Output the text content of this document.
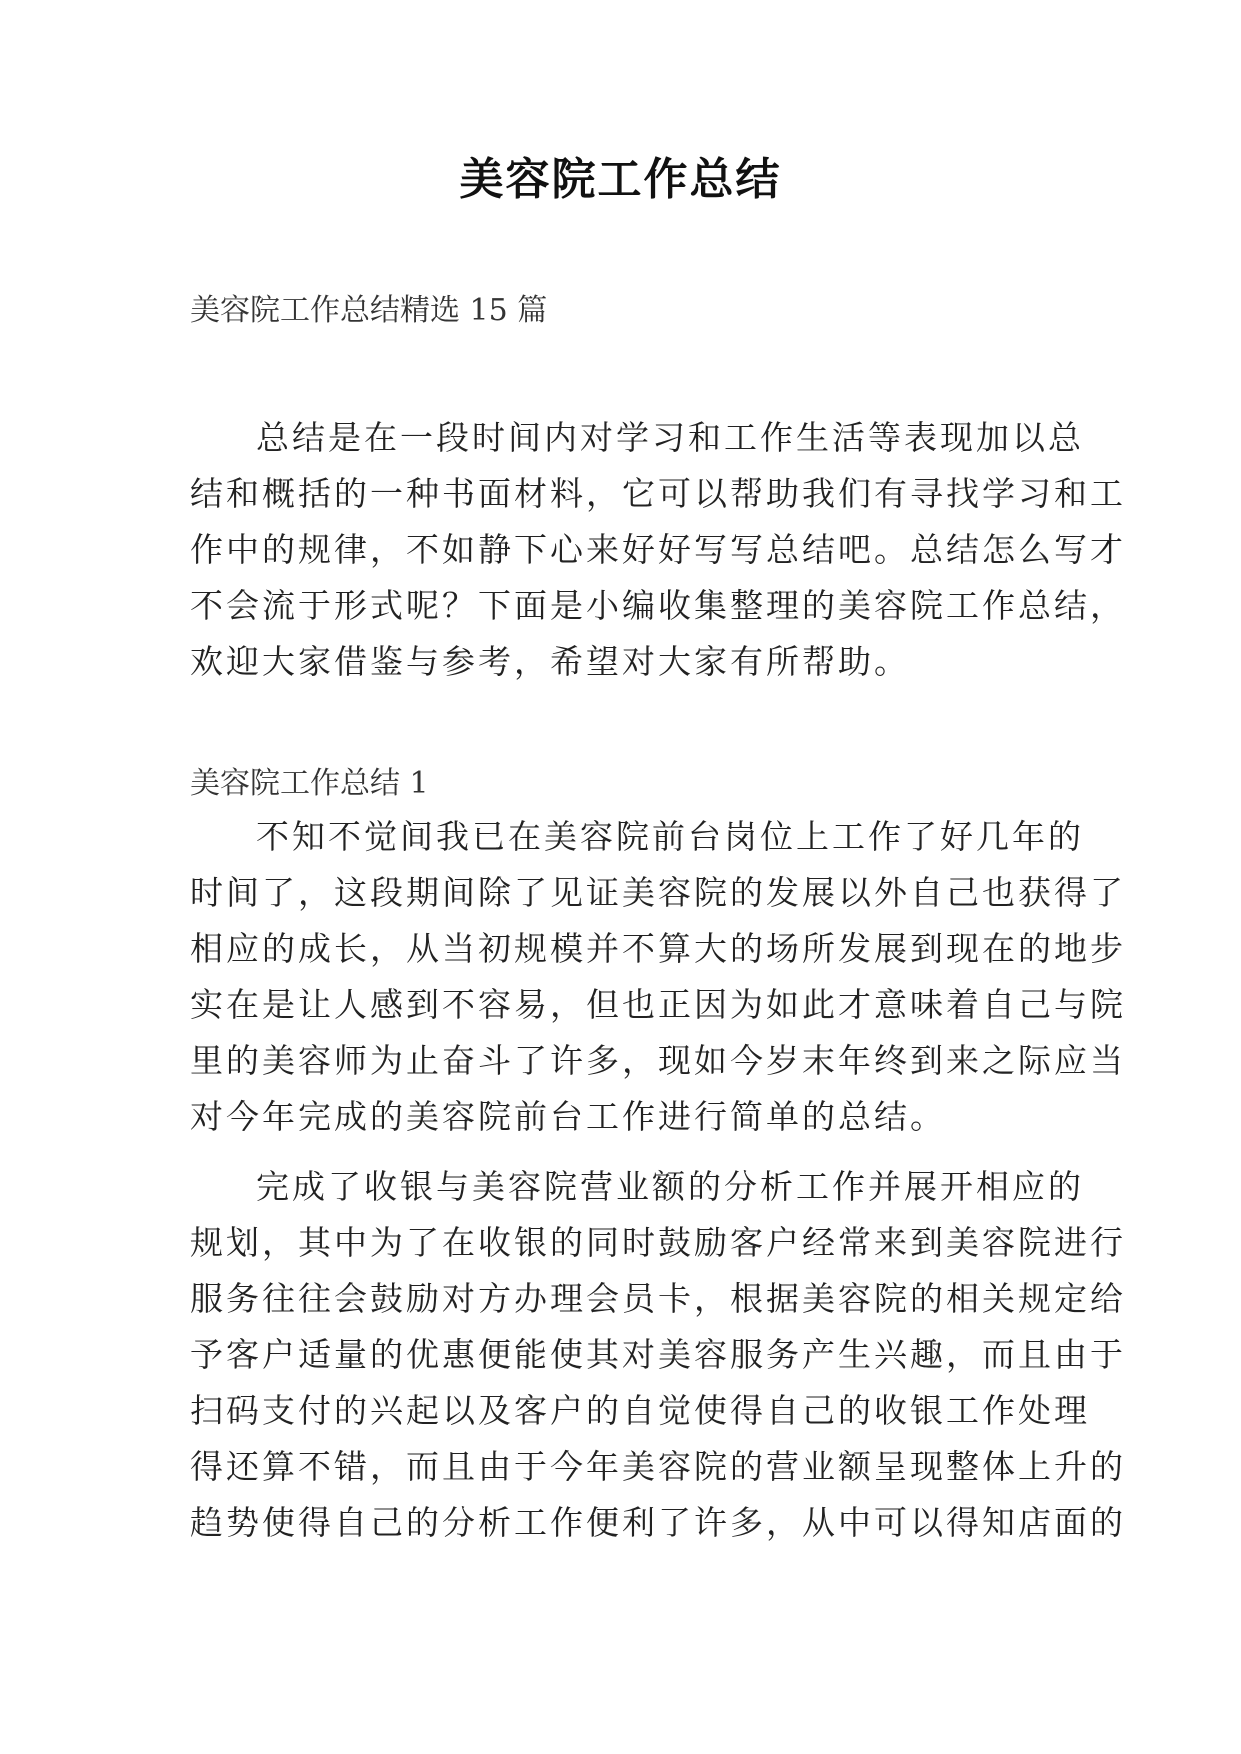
美容院工作总结
美容院工作总结精选 15 篇
总结是在一段时间内对学习和工作生活等表现加以总
结和概括的一种书面材料，它可以帮助我们有寻找学习和工
作中的规律，不如静下心来好好写写总结吧。总结怎么写才
不会流于形式呢？下面是小编收集整理的美容院工作总结，
欢迎大家借鉴与参考，希望对大家有所帮助。
美容院工作总结 1
不知不觉间我已在美容院前台岗位上工作了好几年的
时间了，这段期间除了见证美容院的发展以外自己也获得了
相应的成长，从当初规模并不算大的场所发展到现在的地步
实在是让人感到不容易，但也正因为如此才意味着自己与院
里的美容师为止奋斗了许多，现如今岁末年终到来之际应当
对今年完成的美容院前台工作进行简单的总结。
完成了收银与美容院营业额的分析工作并展开相应的
规划，其中为了在收银的同时鼓励客户经常来到美容院进行
服务往往会鼓励对方办理会员卡，根据美容院的相关规定给
予客户适量的优惠便能使其对美容服务产生兴趣，而且由于
扫码支付的兴起以及客户的自觉使得自己的收银工作处理
得还算不错，而且由于今年美容院的营业额呈现整体上升的
趋势使得自己的分析工作便利了许多，从中可以得知店面的
